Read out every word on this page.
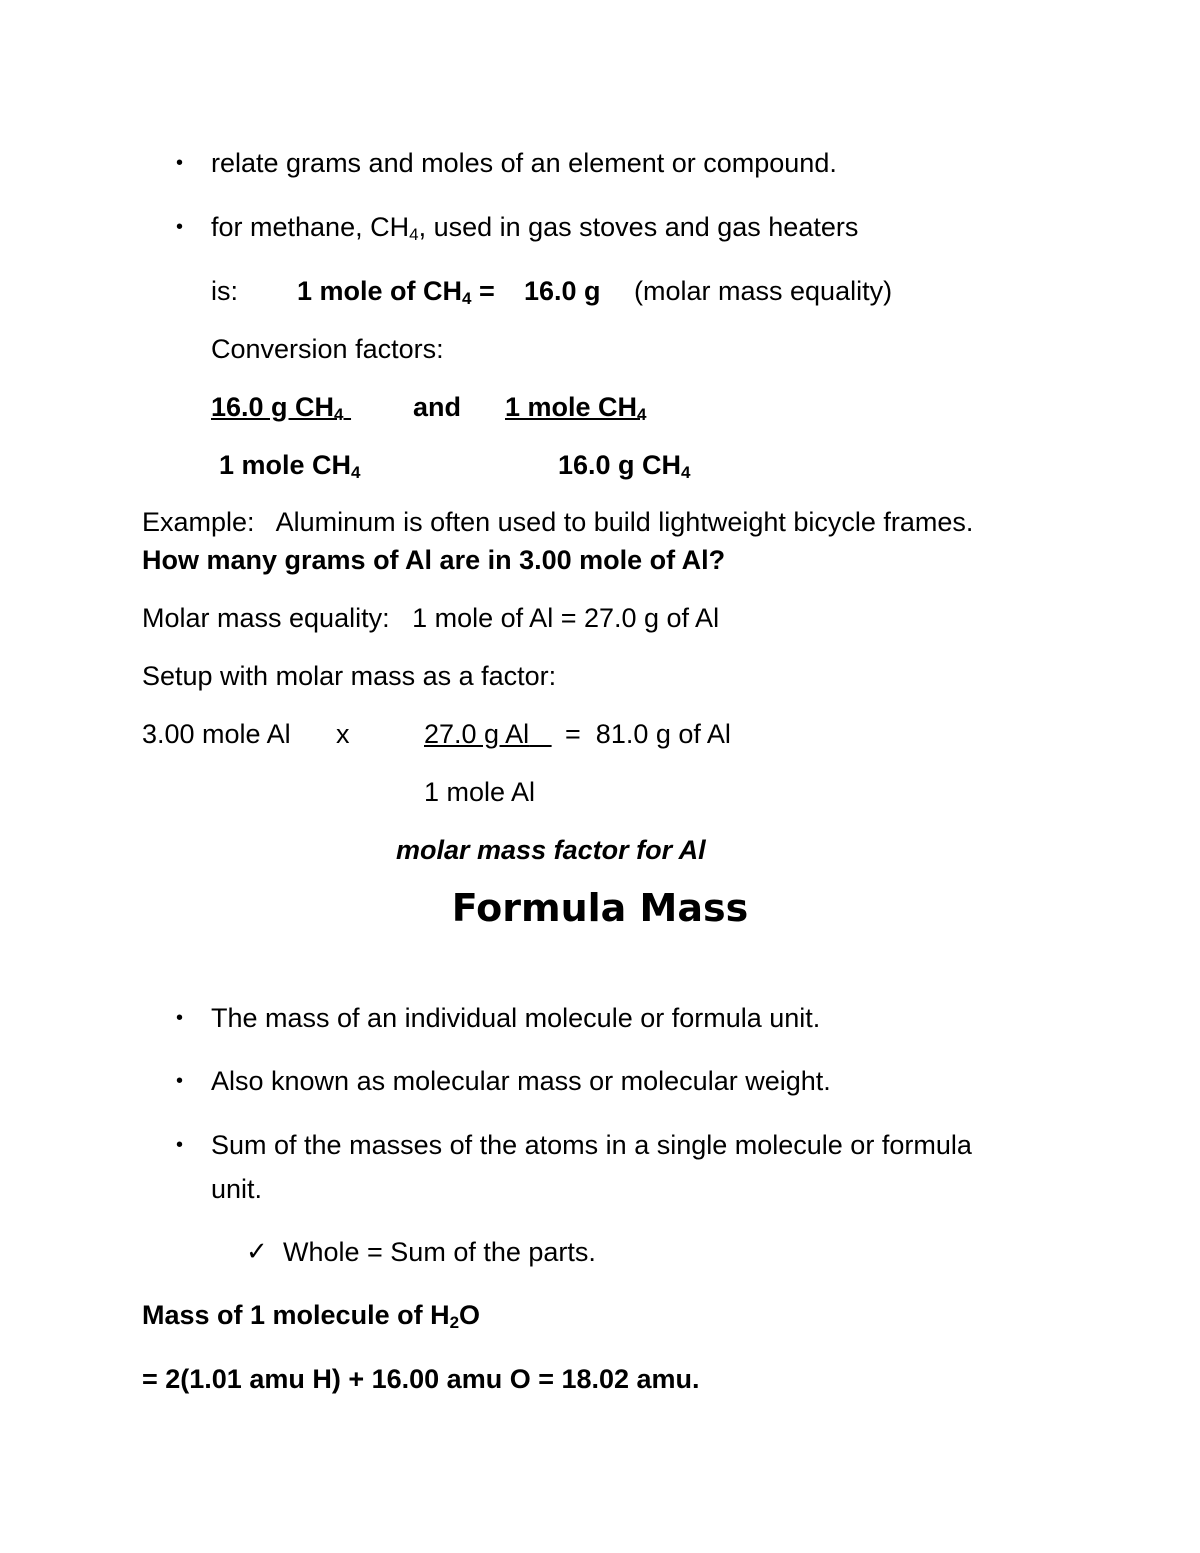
• relate grams and moles of an element or compound.
• for methane, $CH_4$, used in gas stoves and gas heaters
is: 1 mole of $CH_4 = 16.0$ g (molar mass equality)
Conversion factors:
16.0 g $CH_4$	and 1 mole $CH_4$
1 mole $CH_4$	16.0 g $CH_4$
Example: Aluminum is often used to build lightweight bicycle frames.
How many grams of Al are in 3.00 mole of Al?
Molar mass equality: 1 mole of Al = 27.0 g of Al
Setup with molar mass as a factor:
3.00 mole Al x	27.0 g Al	= 81.0 g of Al
1 mole Al
molar mass factor for Al
Formula Mass
• The mass of an individual molecule or formula unit.
• Also known as molecular mass or molecular weight.
• Sum of the masses of the atoms in a single molecule or formula
unit.
✓ Whole = Sum of the parts.
Mass of 1 molecule of $H_2O$
= 2(1.01 amu H) + 16.00 amu O = 18.02 amu.
